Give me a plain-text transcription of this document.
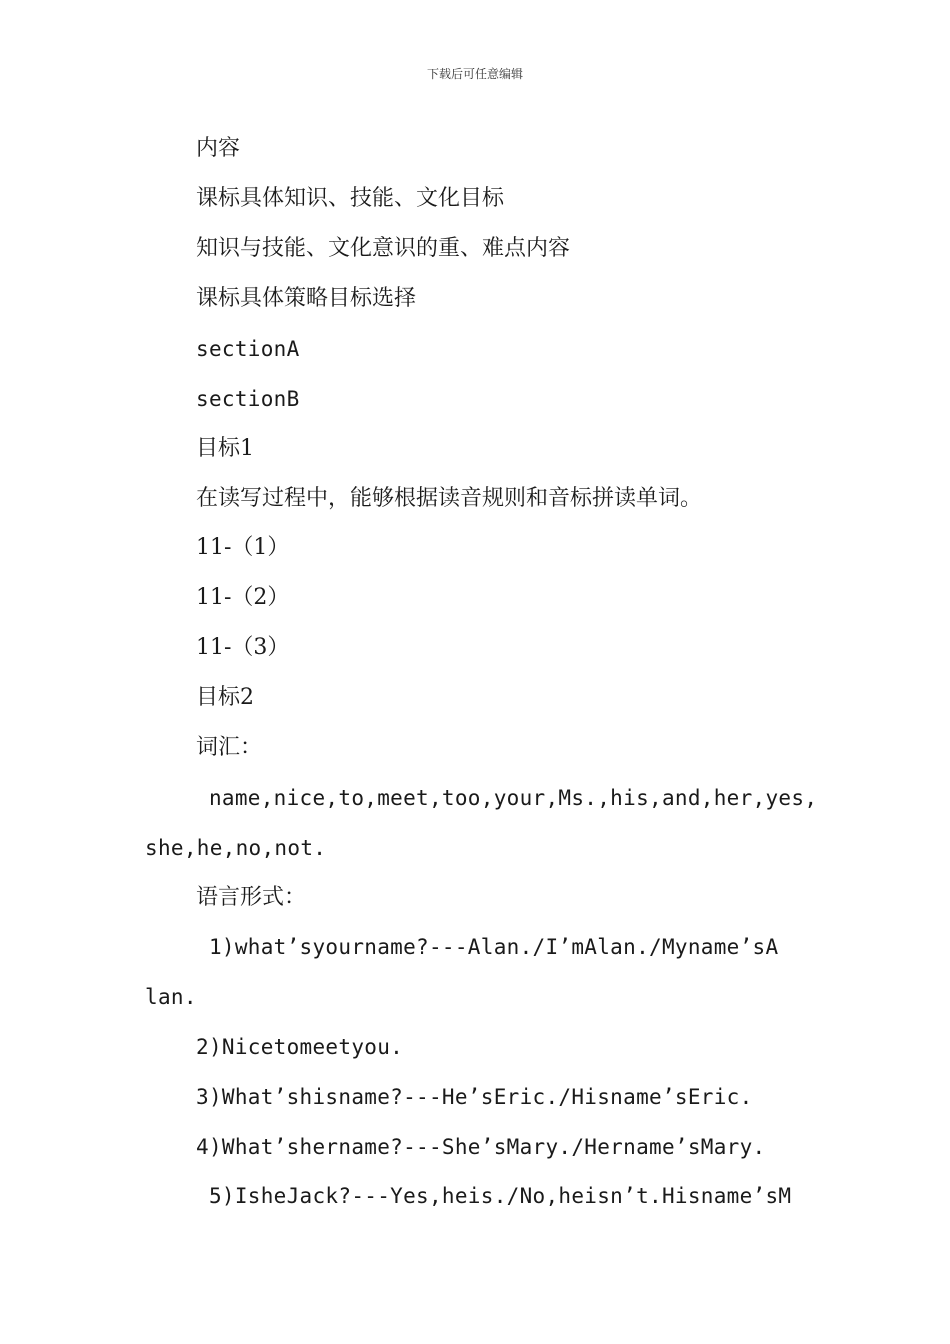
下载后可任意编辑
内容
课标具体知识、技能、文化目标
知识与技能、文化意识的重、难点内容
课标具体策略目标选择
sectionA
sectionB
目标1
在读写过程中，能够根据读音规则和音标拼读单词。
11-（1）
11-（2）
11-（3）
目标2
词汇：
name,nice,to,meet,too,your,Ms.,his,and,her,yes,
she,he,no,not.
语言形式：
1)what’syourname?---Alan./I’mAlan./Myname’sA
lan.
2)Nicetomeetyou.
3)What’shisname?---He’sEric./Hisname’sEric.
4)What’shername?---She’sMary./Hername’sMary.
5)IsheJack?---Yes,heis./No,heisn’t.Hisname’sM
